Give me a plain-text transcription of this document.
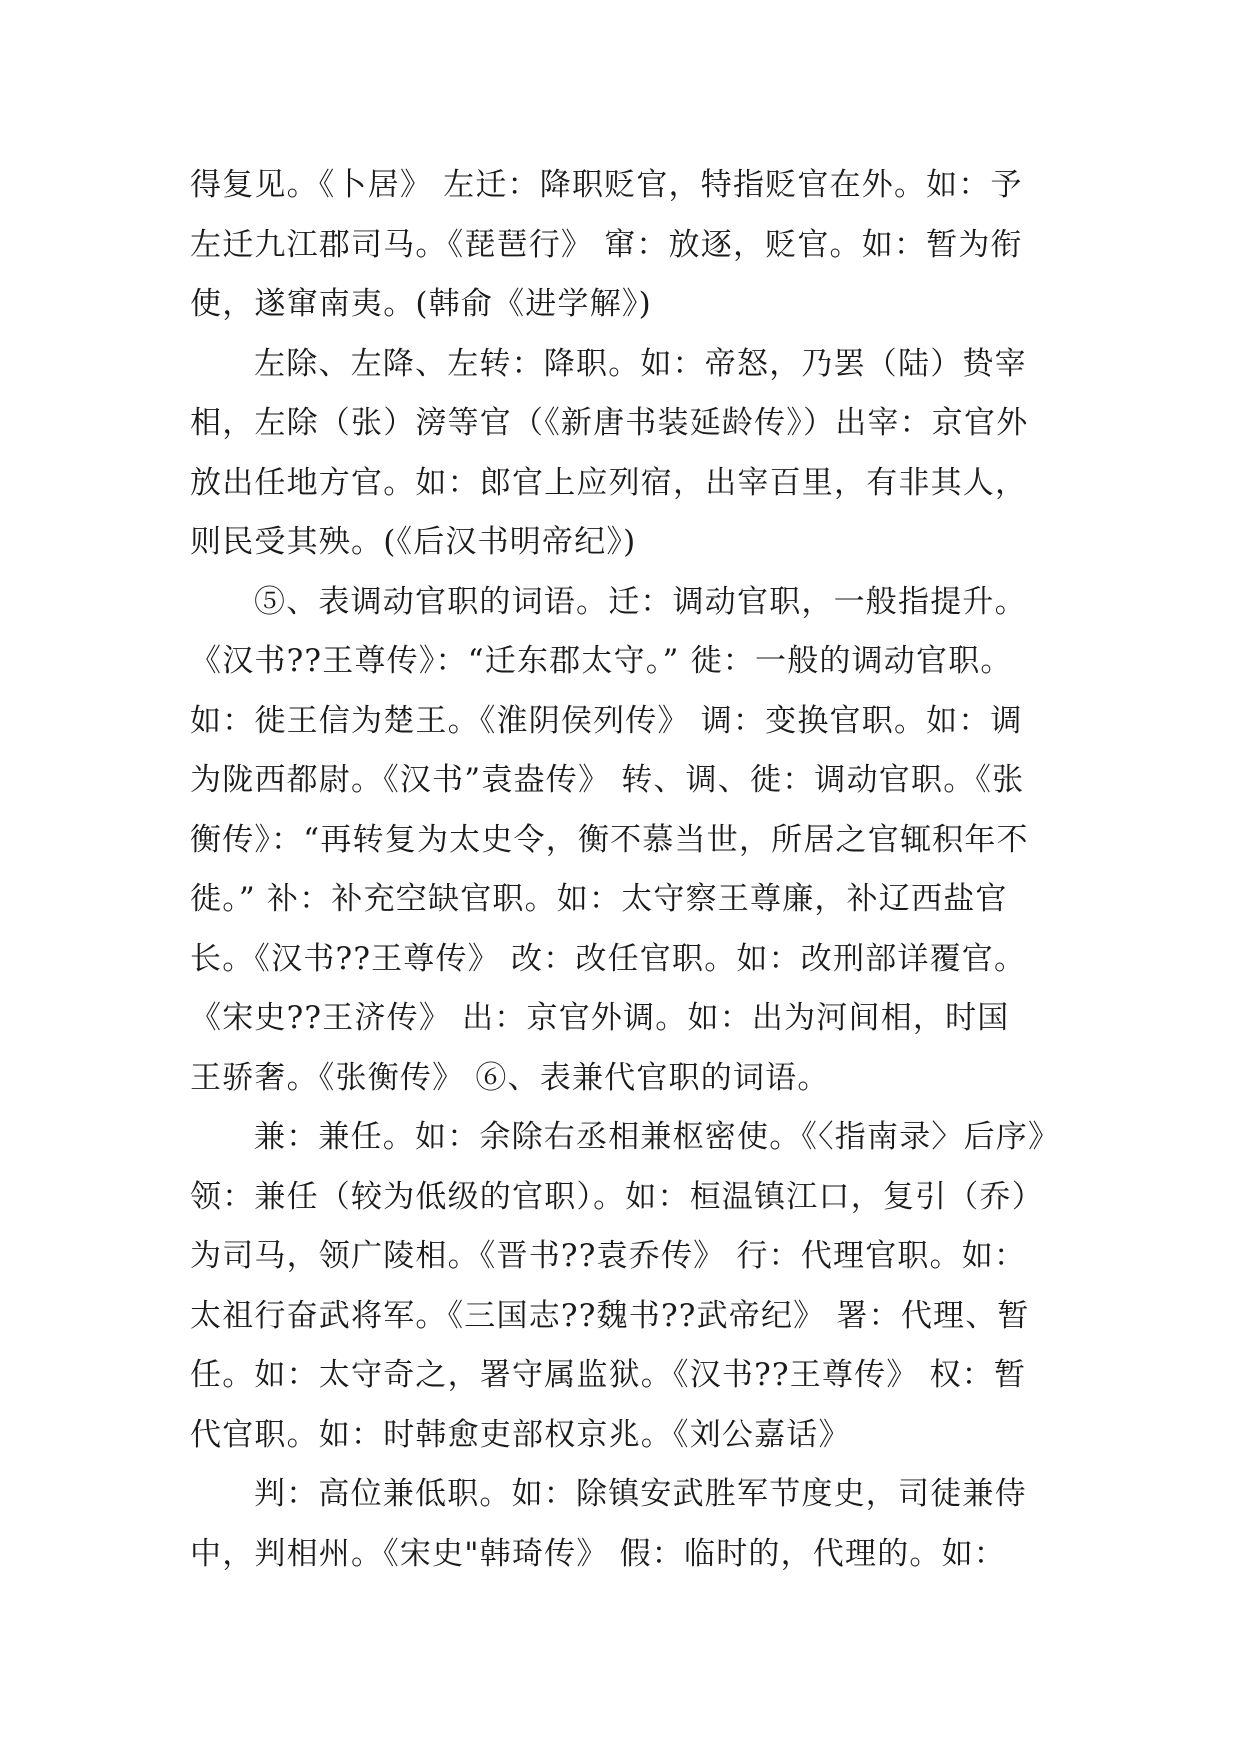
得复见。《卜居》 左迁：降职贬官，特指贬官在外。如：予
左迁九江郡司马。《琵琶行》 窜：放逐，贬官。如：暂为衔
使，遂窜南夷。(韩俞《进学解》)
左除、左降、左转：降职。如：帝怒，乃罢（陆）贽宰
相，左除（张）滂等官（《新唐书装延龄传》）出宰：京官外
放出任地方官。如：郎官上应列宿，出宰百里，有非其人，
则民受其殃。(《后汉书明帝纪》)
⑤、表调动官职的词语。迁：调动官职，一般指提升。
《汉书??王尊传》：“迁东郡太守。” 徙：一般的调动官职。
如：徙王信为楚王。《淮阴侯列传》 调：变换官职。如：调
为陇西都尉。《汉书”袁盎传》 转、调、徙：调动官职。《张
衡传》：“再转复为太史令，衡不慕当世，所居之官辄积年不
徙。” 补：补充空缺官职。如：太守察王尊廉，补辽西盐官
长。《汉书??王尊传》 改：改任官职。如：改刑部详覆官。
《宋史??王济传》 出：京官外调。如：出为河间相，时国
王骄奢。《张衡传》 ⑥、表兼代官职的词语。
兼：兼任。如：余除右丞相兼枢密使。《〈指南录〉后序》
领：兼任（较为低级的官职）。如：桓温镇江口，复引（乔）
为司马，领广陵相。《晋书??袁乔传》 行：代理官职。如：
太祖行奋武将军。《三国志??魏书??武帝纪》 署：代理、暂
任。如：太守奇之，署守属监狱。《汉书??王尊传》 权：暂
代官职。如：时韩愈吏部权京兆。《刘公嘉话》
判：高位兼低职。如：除镇安武胜军节度史，司徒兼侍
中，判相州。《宋史"韩琦传》 假：临时的，代理的。如：
